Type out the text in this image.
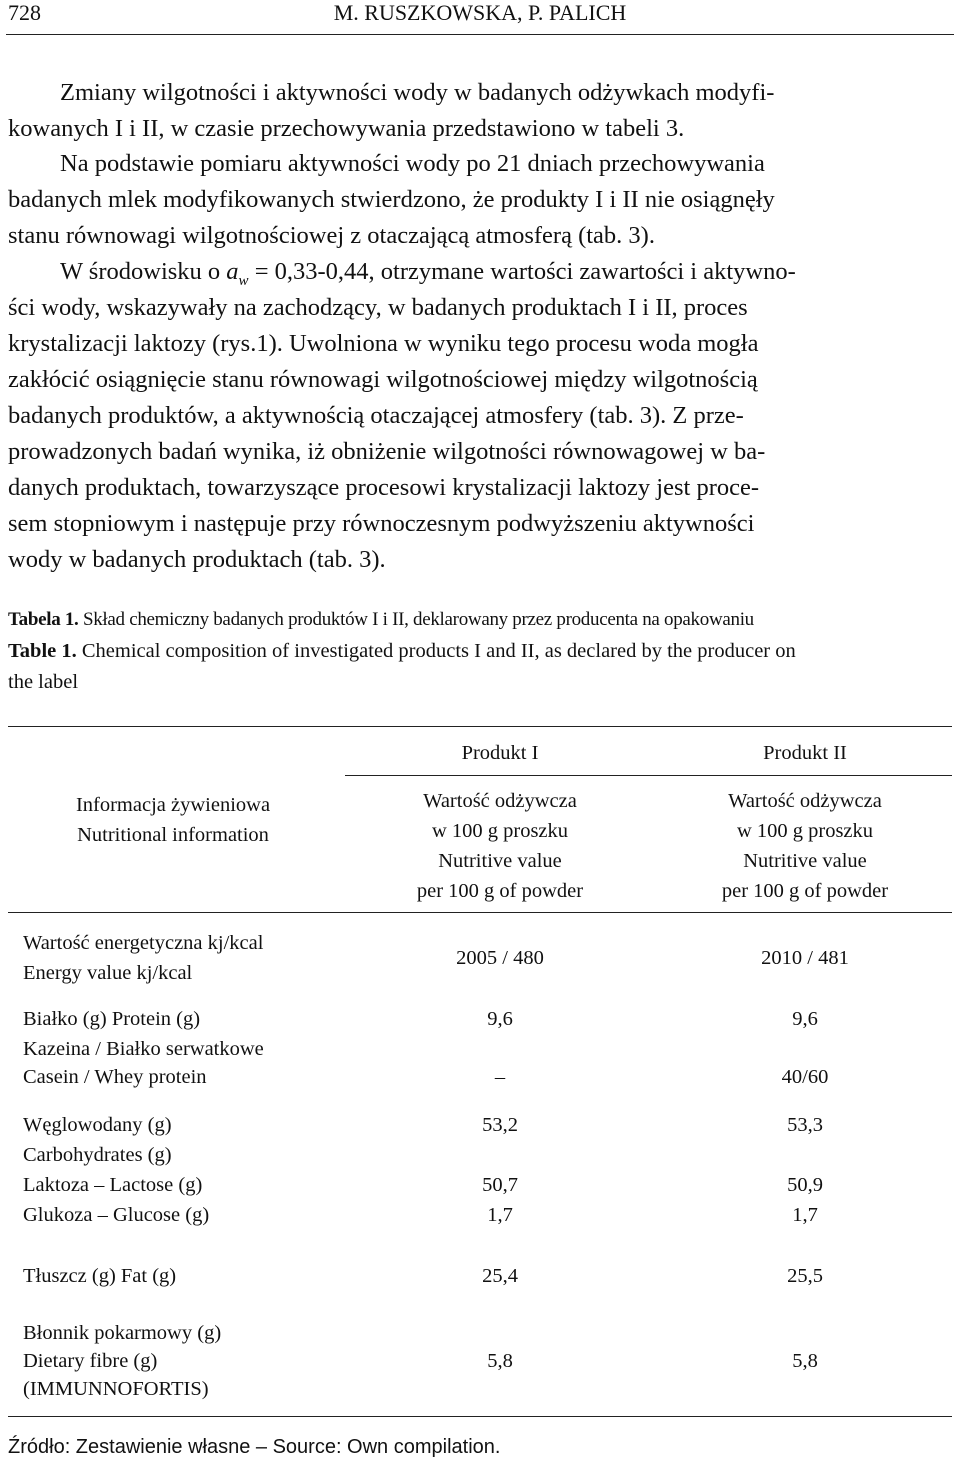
728	M. RUSZKOWSKA, P. PALICH
Zmiany wilgotności i aktywności wody w badanych odżywkach modyfi-
kowanych I i II, w czasie przechowywania przedstawiono w tabeli 3.
Na podstawie pomiaru aktywności wody po 21 dniach przechowywania
badanych mlek modyfikowanych stwierdzono, że produkty I i II nie osiągnęły
stanu równowagi wilgotnościowej z otaczającą atmosferą (tab. 3).
W środowisku o $a_w = 0,33-0,44$, otrzymane wartości zawartości i aktywno-
ści wody, wskazywały na zachodzący, w badanych produktach I i II, proces
krystalizacji laktozy (rys.1). Uwolniona w wyniku tego procesu woda mogła
zakłócić osiągnięcie stanu równowagi wilgotnościowej między wilgotnością
badanych produktów, a aktywnością otaczającej atmosfery (tab. 3). Z prze-
prowadzonych badań wynika, iż obniżenie wilgotności równowagowej w ba-
danych produktach, towarzyszące procesowi krystalizacji laktozy jest proce-
sem stopniowym i następuje przy równoczesnym podwyższeniu aktywności
wody w badanych produktach (tab. 3).
Tabela 1. Skład chemiczny badanych produktów I i II, deklarowany przez producenta na opakowaniu
Table 1. Chemical composition of investigated products I and II, as declared by the producer on
the label
Produkt I	Produkt II
Informacja żywieniowa
Nutritional information
Wartość odżywcza
w 100 g proszku
Nutritive value
per 100 g of powder
Wartość odżywcza
w 100 g proszku
Nutritive value
per 100 g of powder
Wartość energetyczna kj/kcal
Energy value kj/kcal
2005 / 480	2010 / 481
Białko (g) Protein (g)	9,6	9,6
Kazeina / Białko serwatkowe
Casein / Whey protein	–	40/60
Węglowodany (g)
Carbohydrates (g)
53,2	53,3
Laktoza – Lactose (g)	50,7	50,9
Glukoza – Glucose (g)	1,7	1,7
Tłuszcz (g) Fat (g)	25,4	25,5
Błonnik pokarmowy (g)
Dietary fibre (g)
(IMMUNNOFORTIS)
5,8	5,8
Źródło: Zestawienie własne – Source: Own compilation.
